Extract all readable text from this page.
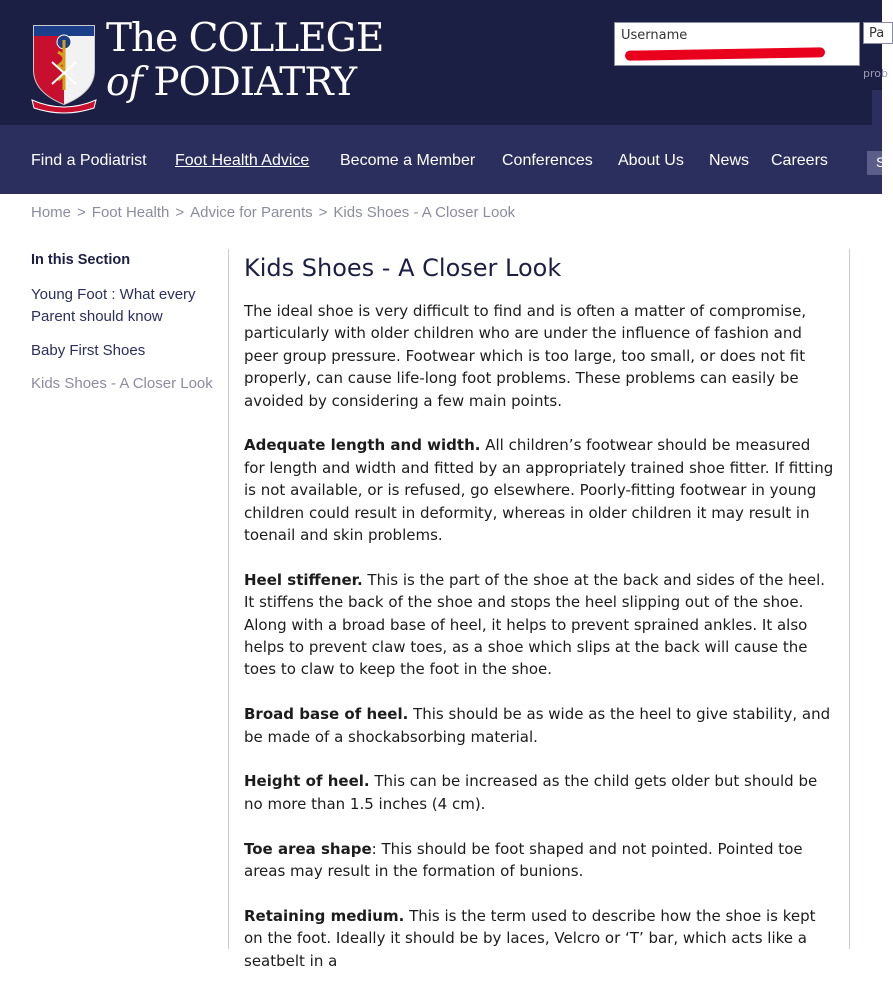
The COLLEGE
of PODIATRY
Username	Pa
prob
Find a Podiatrist Foot Health Advice Become a Member Conferences About Us News Careers	S
Home > Foot Health > Advice for Parents > Kids Shoes - A Closer Look
In this Section
Young Foot : What every Parent should know
Baby First Shoes
Kids Shoes - A Closer Look
Kids Shoes - A Closer Look

The ideal shoe is very difficult to find and is often a matter of compromise, particularly with older children who are under the influence of fashion and peer group pressure. Footwear which is too large, too small, or does not fit properly, can cause life-long foot problems. These problems can easily be avoided by considering a few main points.

Adequate length and width. All children’s footwear should be measured for length and width and fitted by an appropriately trained shoe fitter. If fitting is not available, or is refused, go elsewhere. Poorly-fitting footwear in young children could result in deformity, whereas in older children it may result in toenail and skin problems.

Heel stiffener. This is the part of the shoe at the back and sides of the heel. It stiffens the back of the shoe and stops the heel slipping out of the shoe. Along with a broad base of heel, it helps to prevent sprained ankles. It also helps to prevent claw toes, as a shoe which slips at the back will cause the toes to claw to keep the foot in the shoe.

Broad base of heel. This should be as wide as the heel to give stability, and be made of a shockabsorbing material.

Height of heel. This can be increased as the child gets older but should be no more than 1.5 inches (4 cm).

Toe area shape: This should be foot shaped and not pointed. Pointed toe areas may result in the formation of bunions.

Retaining medium. This is the term used to describe how the shoe is kept on the foot. Ideally it should be by laces, Velcro or ‘T’ bar, which acts like a seatbelt in a
